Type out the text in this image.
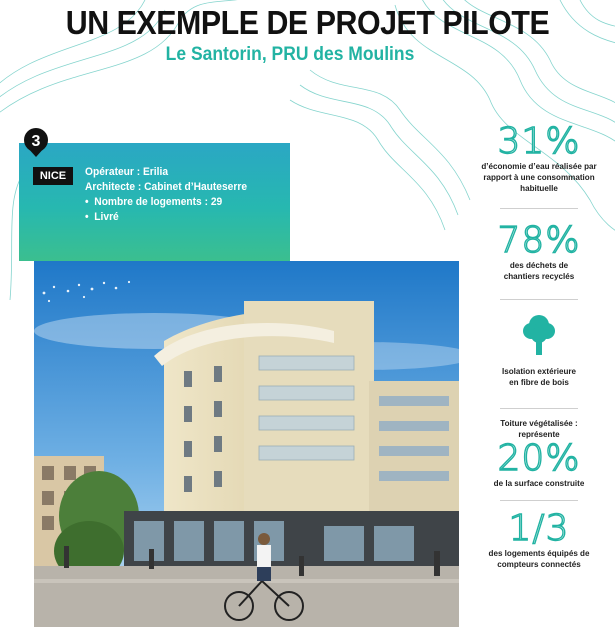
UN EXEMPLE DE PROJET PILOTE
Le Santorin, PRU des Moulins
3
NICE	Opérateur : Erilia
Architecte : Cabinet d’Hauteserre
• Nombre de logements : 29
• Livré
31%
d’économie d’eau réalisée par rapport à une consommation habituelle
78%
des déchets de chantiers recyclés
Isolation extérieure en fibre de bois
Toiture végétalisée : représente
20%
de la surface construite
1/3
des logements équipés de compteurs connectés
